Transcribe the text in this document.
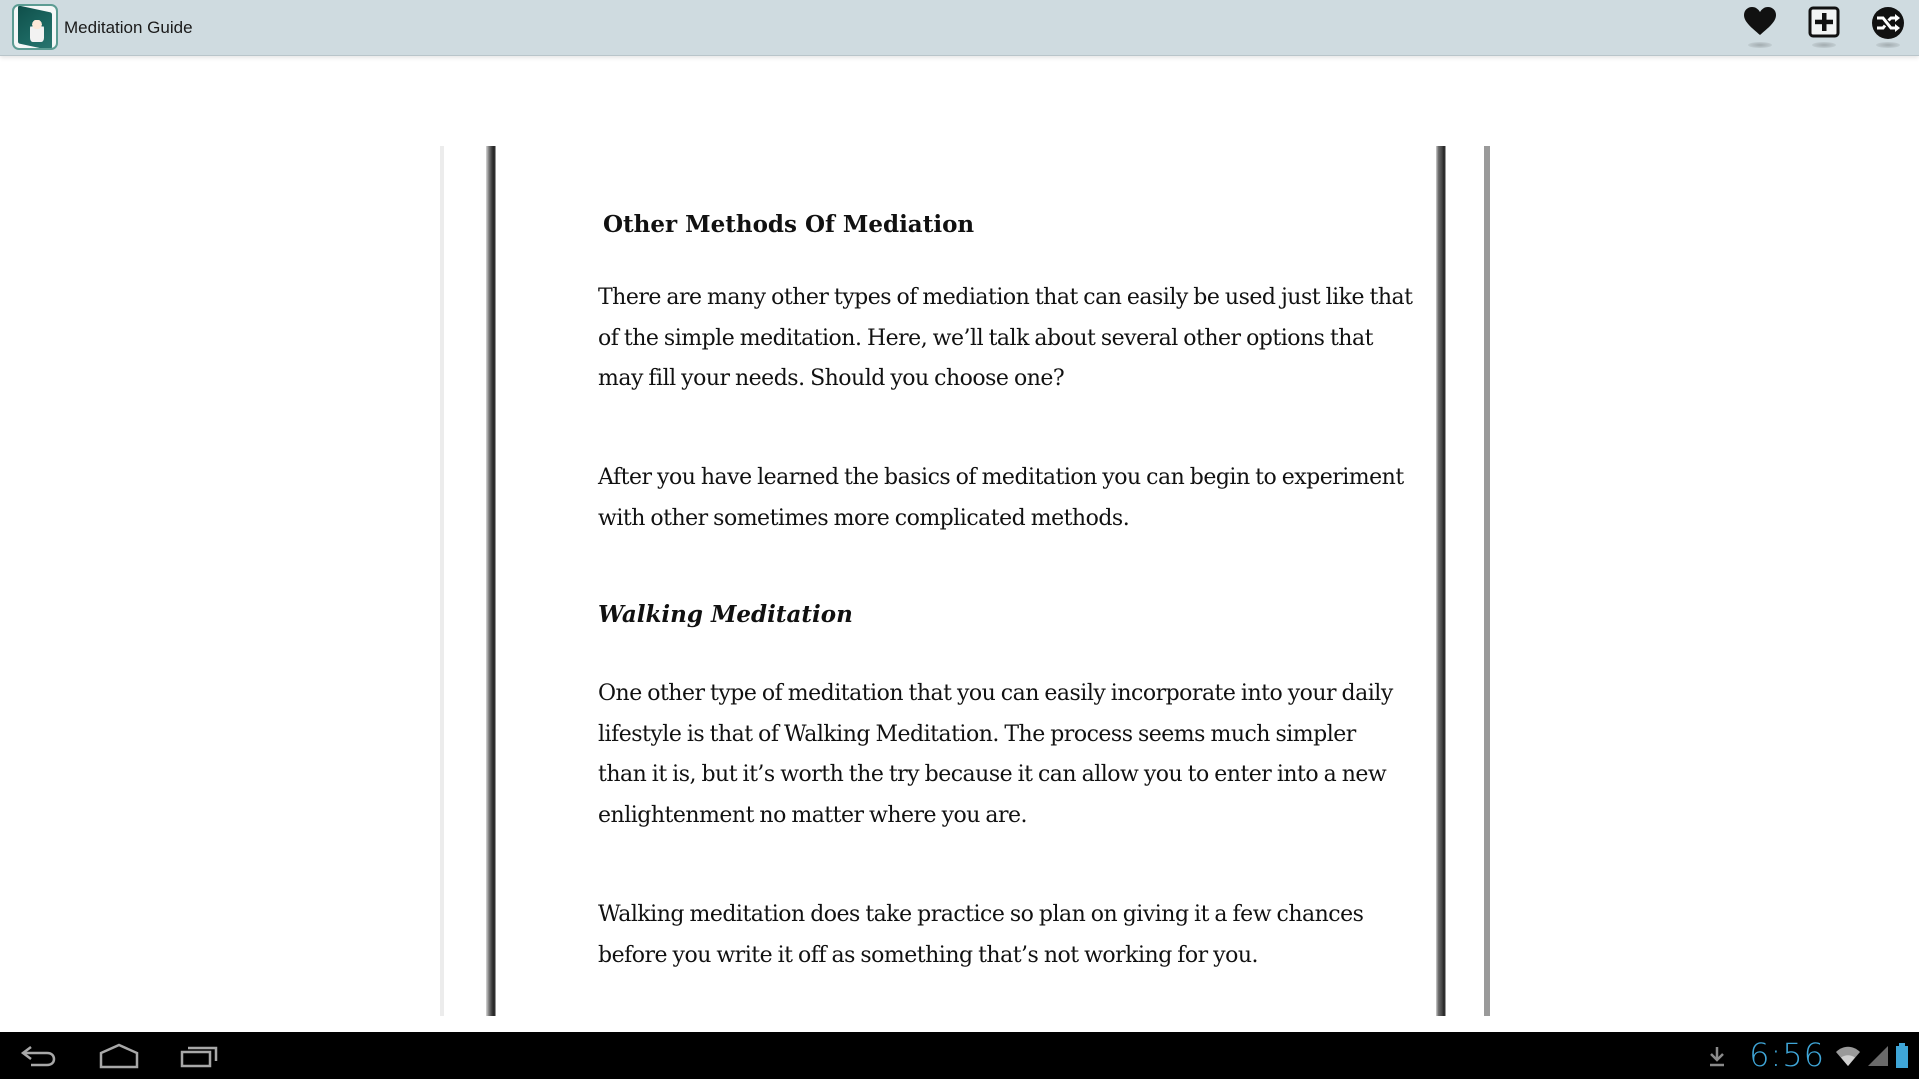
Meditation Guide
Other Methods Of Mediation
There are many other types of mediation that can easily be used just like that
of the simple meditation. Here, we’ll talk about several other options that
may fill your needs. Should you choose one?
After you have learned the basics of meditation you can begin to experiment
with other sometimes more complicated methods.
Walking Meditation
One other type of meditation that you can easily incorporate into your daily
lifestyle is that of Walking Meditation. The process seems much simpler
than it is, but it’s worth the try because it can allow you to enter into a new
enlightenment no matter where you are.
Walking meditation does take practice so plan on giving it a few chances
before you write it off as something that’s not working for you.
6:56
